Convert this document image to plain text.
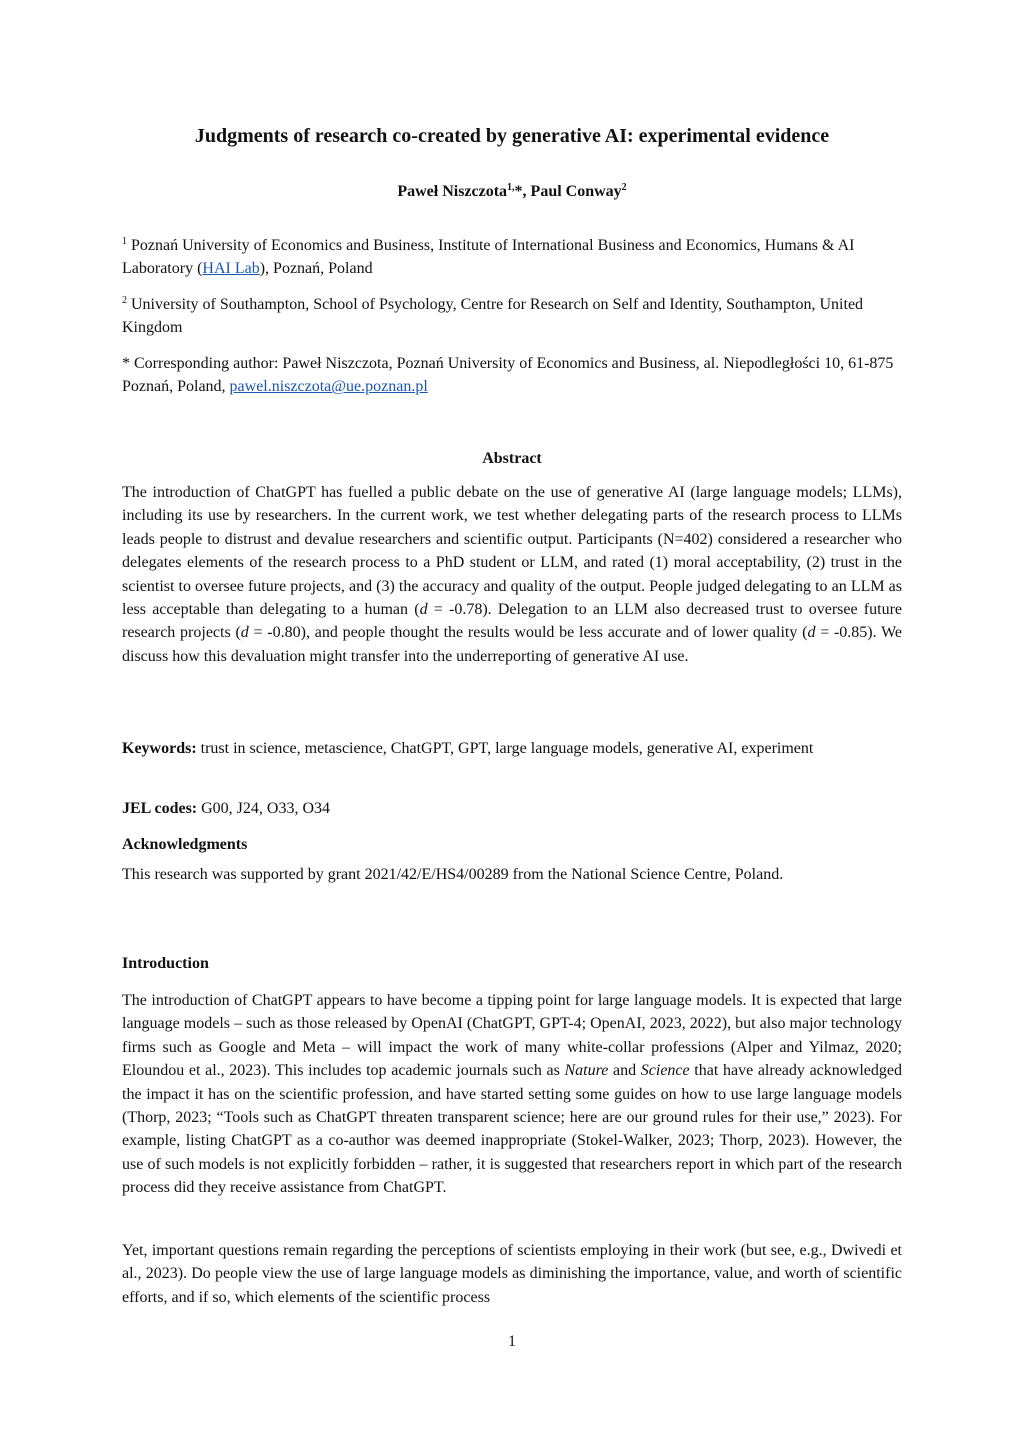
Judgments of research co-created by generative AI: experimental evidence
Paweł Niszczota$^{1,}$*, Paul Conway$^2$
$^1$ Poznań University of Economics and Business, Institute of International Business and Economics, Humans & AI Laboratory (HAI Lab), Poznań, Poland
$^2$ University of Southampton, School of Psychology, Centre for Research on Self and Identity, Southampton, United Kingdom
* Corresponding author: Paweł Niszczota, Poznań University of Economics and Business, al. Niepodległości 10, 61-875 Poznań, Poland, pawel.niszczota@ue.poznan.pl
Abstract
The introduction of ChatGPT has fuelled a public debate on the use of generative AI (large language models; LLMs), including its use by researchers. In the current work, we test whether delegating parts of the research process to LLMs leads people to distrust and devalue researchers and scientific output. Participants (N=402) considered a researcher who delegates elements of the research process to a PhD student or LLM, and rated (1) moral acceptability, (2) trust in the scientist to oversee future projects, and (3) the accuracy and quality of the output. People judged delegating to an LLM as less acceptable than delegating to a human (d = -0.78). Delegation to an LLM also decreased trust to oversee future research projects (d = -0.80), and people thought the results would be less accurate and of lower quality (d = -0.85). We discuss how this devaluation might transfer into the underreporting of generative AI use.
Keywords: trust in science, metascience, ChatGPT, GPT, large language models, generative AI, experiment
JEL codes: G00, J24, O33, O34
Acknowledgments
This research was supported by grant 2021/42/E/HS4/00289 from the National Science Centre, Poland.
Introduction
The introduction of ChatGPT appears to have become a tipping point for large language models. It is expected that large language models – such as those released by OpenAI (ChatGPT, GPT-4; OpenAI, 2023, 2022), but also major technology firms such as Google and Meta – will impact the work of many white-collar professions (Alper and Yilmaz, 2020; Eloundou et al., 2023). This includes top academic journals such as Nature and Science that have already acknowledged the impact it has on the scientific profession, and have started setting some guides on how to use large language models (Thorp, 2023; “Tools such as ChatGPT threaten transparent science; here are our ground rules for their use,” 2023). For example, listing ChatGPT as a co-author was deemed inappropriate (Stokel-Walker, 2023; Thorp, 2023). However, the use of such models is not explicitly forbidden – rather, it is suggested that researchers report in which part of the research process did they receive assistance from ChatGPT.
Yet, important questions remain regarding the perceptions of scientists employing in their work (but see, e.g., Dwivedi et al., 2023). Do people view the use of large language models as diminishing the importance, value, and worth of scientific efforts, and if so, which elements of the scientific process
1
